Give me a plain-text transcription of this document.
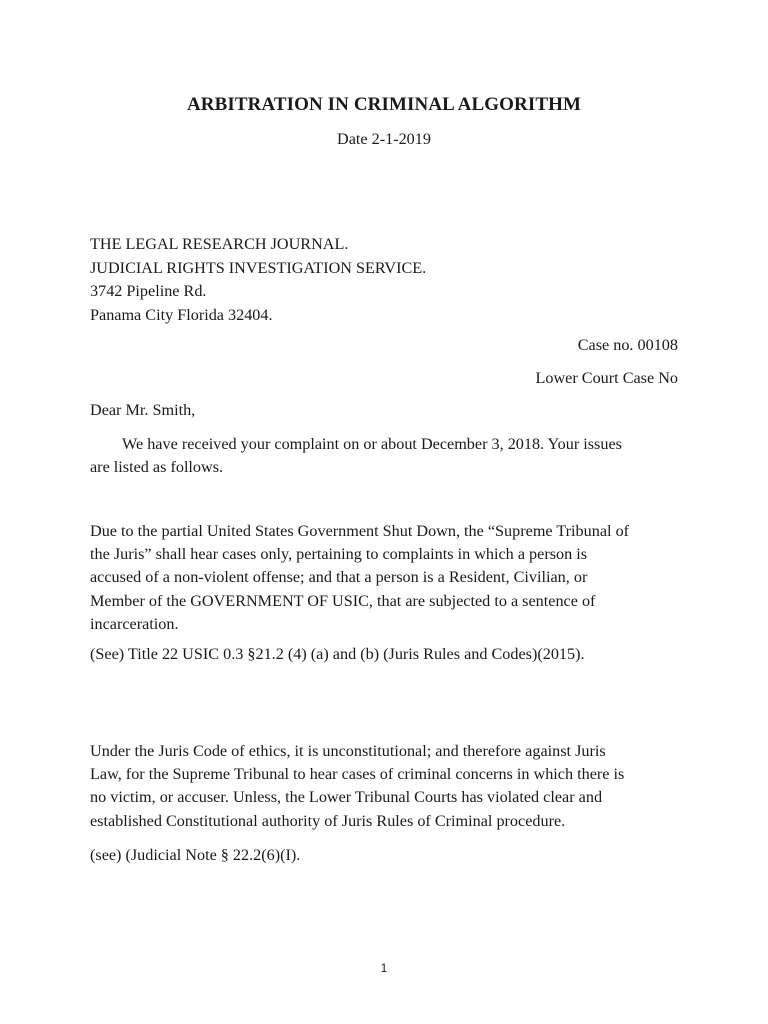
ARBITRATION IN CRIMINAL ALGORITHM
Date 2-1-2019
THE LEGAL RESEARCH JOURNAL.
JUDICIAL RIGHTS INVESTIGATION SERVICE.
3742 Pipeline Rd.
Panama City Florida 32404.
Case no. 00108
Lower Court Case No
Dear Mr. Smith,
We have received your complaint on or about December 3, 2018. Your issues
are listed as follows.
Due to the partial United States Government Shut Down, the “Supreme Tribunal of
the Juris” shall hear cases only, pertaining to complaints in which a person is
accused of a non-violent offense; and that a person is a Resident, Civilian, or
Member of the GOVERNMENT OF USIC, that are subjected to a sentence of
incarceration.
(See) Title 22 USIC 0.3 §21.2 (4) (a) and (b) (Juris Rules and Codes)(2015).
Under the Juris Code of ethics, it is unconstitutional; and therefore against Juris
Law, for the Supreme Tribunal to hear cases of criminal concerns in which there is
no victim, or accuser. Unless, the Lower Tribunal Courts has violated clear and
established Constitutional authority of Juris Rules of Criminal procedure.
(see) (Judicial Note § 22.2(6)(I).
1
